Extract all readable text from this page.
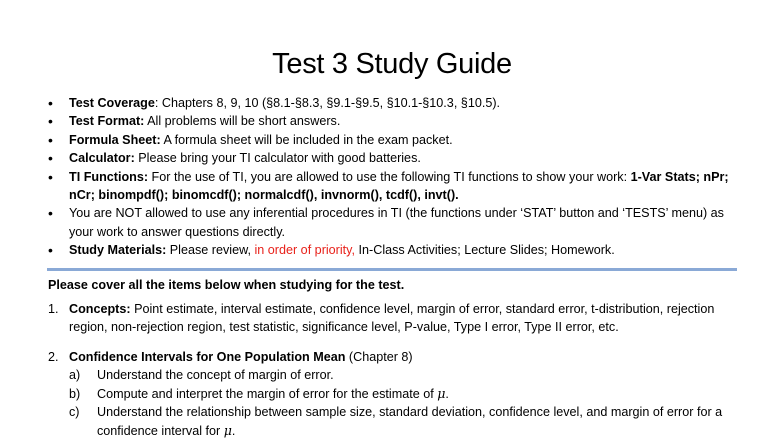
Test 3 Study Guide
• Test Coverage: Chapters 8, 9, 10 (§8.1-§8.3, §9.1-§9.5, §10.1-§10.3, §10.5).
• Test Format: All problems will be short answers.
• Formula Sheet: A formula sheet will be included in the exam packet.
• Calculator: Please bring your TI calculator with good batteries.
• TI Functions: For the use of TI, you are allowed to use the following TI functions to show your work: 1-Var Stats; nPr; nCr; binompdf(); binomcdf(); normalcdf(), invnorm(), tcdf(), invt().
• You are NOT allowed to use any inferential procedures in TI (the functions under ‘STAT’ button and ‘TESTS’ menu) as your work to answer questions directly.
• Study Materials: Please review, in order of priority, In-Class Activities; Lecture Slides; Homework.
Please cover all the items below when studying for the test.
1. Concepts: Point estimate, interval estimate, confidence level, margin of error, standard error, t-distribution, rejection region, non-rejection region, test statistic, significance level, P-value, Type I error, Type II error, etc.
2. Confidence Intervals for One Population Mean (Chapter 8)
a) Understand the concept of margin of error.
b) Compute and interpret the margin of error for the estimate of μ.
c) Understand the relationship between sample size, standard deviation, confidence level, and margin of error for a confidence interval for μ.
